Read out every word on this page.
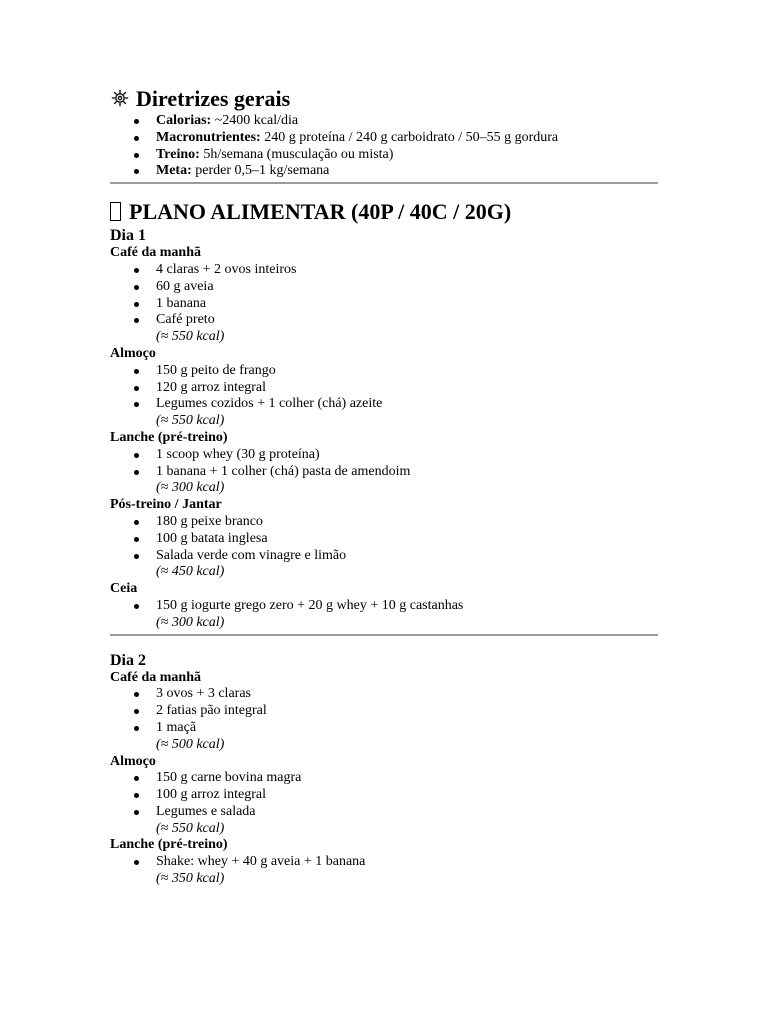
Diretrizes gerais
Calorias: ~2400 kcal/dia
Macronutrientes: 240 g proteína / 240 g carboidrato / 50–55 g gordura
Treino: 5h/semana (musculação ou mista)
Meta: perder 0,5–1 kg/semana
PLANO ALIMENTAR (40P / 40C / 20G)
Dia 1
Café da manhã
4 claras + 2 ovos inteiros
60 g aveia
1 banana
Café preto
(≈ 550 kcal)
Almoço
150 g peito de frango
120 g arroz integral
Legumes cozidos + 1 colher (chá) azeite
(≈ 550 kcal)
Lanche (pré-treino)
1 scoop whey (30 g proteína)
1 banana + 1 colher (chá) pasta de amendoim
(≈ 300 kcal)
Pós-treino / Jantar
180 g peixe branco
100 g batata inglesa
Salada verde com vinagre e limão
(≈ 450 kcal)
Ceia
150 g iogurte grego zero + 20 g whey + 10 g castanhas
(≈ 300 kcal)
Dia 2
Café da manhã
3 ovos + 3 claras
2 fatias pão integral
1 maçã
(≈ 500 kcal)
Almoço
150 g carne bovina magra
100 g arroz integral
Legumes e salada
(≈ 550 kcal)
Lanche (pré-treino)
Shake: whey + 40 g aveia + 1 banana
(≈ 350 kcal)
